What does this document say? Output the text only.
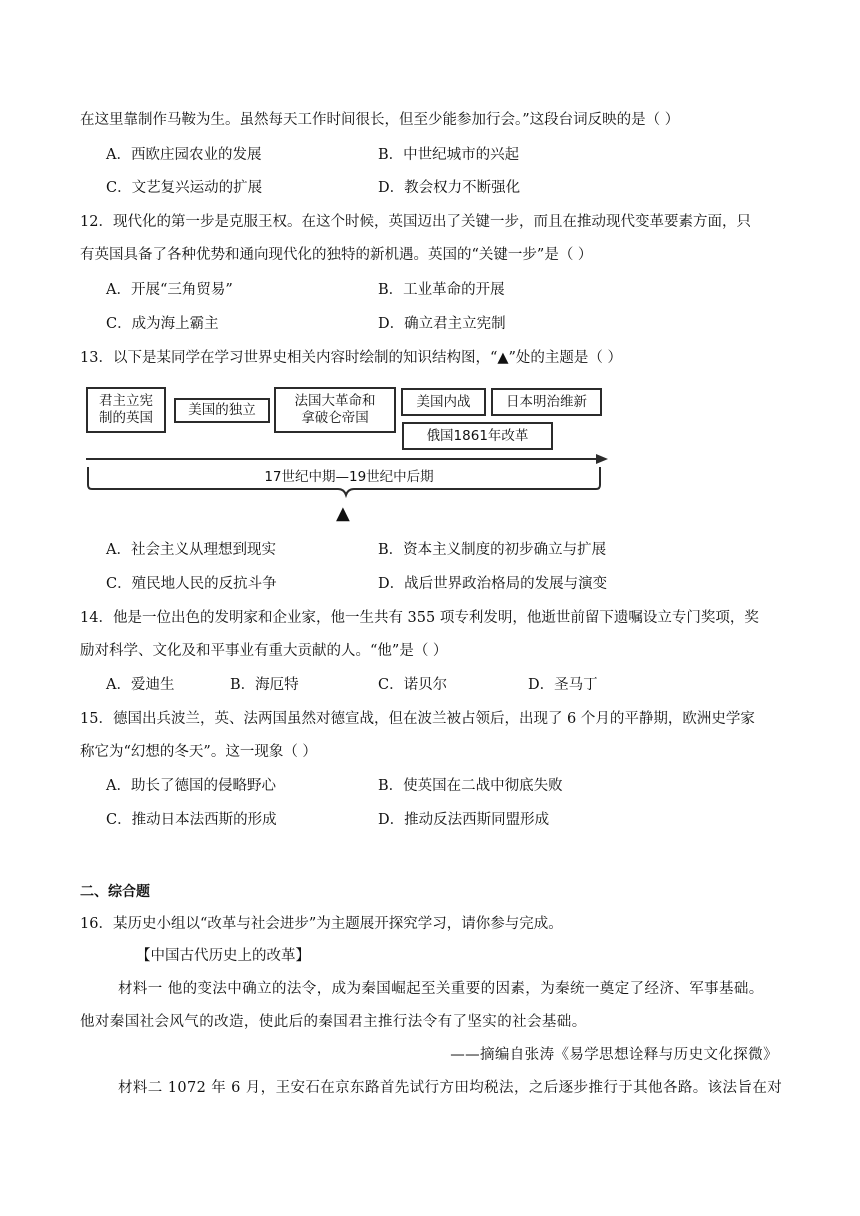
在这里靠制作马鞍为生。虽然每天工作时间很长，但至少能参加行会。”这段台词反映的是（ ）
A．西欧庄园农业的发展	B．中世纪城市的兴起
C．文艺复兴运动的扩展	D．教会权力不断强化
12．现代化的第一步是克服王权。在这个时候，英国迈出了关键一步，而且在推动现代变革要素方面，只
有英国具备了各种优势和通向现代化的独特的新机遇。英国的“关键一步”是（ ）
A．开展“三角贸易”	B．工业革命的开展
C．成为海上霸主	D．确立君主立宪制
13．以下是某同学在学习世界史相关内容时绘制的知识结构图，“▲”处的主题是（ ）
君主立宪
制的英国	美国的独立
法国大革命和
拿破仑帝国
美国内战	日本明治维新
俄国1861年改革
17世纪中期—19世纪中后期
▲
A．社会主义从理想到现实	B．资本主义制度的初步确立与扩展
C．殖民地人民的反抗斗争	D．战后世界政治格局的发展与演变
14．他是一位出色的发明家和企业家，他一生共有 355 项专利发明，他逝世前留下遗嘱设立专门奖项，奖
励对科学、文化及和平事业有重大贡献的人。“他”是（ ）
A．爱迪生	B．海厄特	C．诺贝尔	D．圣马丁
15．德国出兵波兰，英、法两国虽然对德宣战，但在波兰被占领后，出现了 6 个月的平静期，欧洲史学家
称它为“幻想的冬天”。这一现象（ ）
A．助长了德国的侵略野心	B．使英国在二战中彻底失败
C．推动日本法西斯的形成	D．推动反法西斯同盟形成
二、综合题
16．某历史小组以“改革与社会进步”为主题展开探究学习，请你参与完成。
【中国古代历史上的改革】
材料一 他的变法中确立的法令，成为秦国崛起至关重要的因素，为秦统一奠定了经济、军事基础。
他对秦国社会风气的改造，使此后的秦国君主推行法令有了坚实的社会基础。
——摘编自张涛《易学思想诠释与历史文化探微》
材料二 1072 年 6 月，王安石在京东路首先试行方田均税法，之后逐步推行于其他各路。该法旨在对
